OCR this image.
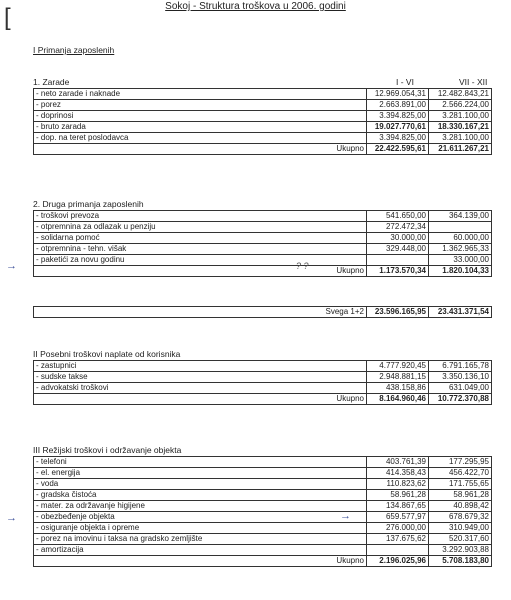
Sokoj - Struktura troškova u 2006. godini
[
I Primanja zaposlenih
1. Zarade	I - VI	VII - XII
- neto zarade i naknade	12.969.054,31	12.482.843,21
- porez	2.663.891,00	2.566.224,00
- doprinosi	3.394.825,00	3.281.100,00
- bruto zarada	19.027.770,61	18.330.167,21
- dop. na teret poslodavca	3.394.825,00	3.281.100,00
Ukupno	22.422.595,61	21.611.267,21
2. Druga primanja zaposlenih
- troškovi prevoza	541.650,00	364.139,00
- otpremnina za odlazak u penziju	272.472,34	
- solidarna pomoć	30.000,00	60.000,00
- otpremnina - tehn. višak	329.448,00	1.362.965,33
- paketići za novu godinu		33.000,00
Ukupno	1.173.570,34	1.820.104,33
Svega 1+2	23.596.165,95	23.431.371,54
→	? ?
II Posebni troškovi naplate od korisnika
- zastupnici	4.777.920,45	6.791.165,78
- sudske takse	2.948.881,15	3.350.136,10
- advokatski troškovi	438.158,86	631.049,00
Ukupno	8.164.960,46	10.772.370,88
III Režijski troškovi i održavanje objekta
- telefoni	403.761,39	177.295,95
- el. energija	414.358,43	456.422,70
- voda	110.823,62	171.755,65
- gradska čistoća	58.961,28	58.961,28
- mater. za održavanje higijene	134.867,65	40.898,42
- obezbeđenje objekta	659.577,97	678.679,32
- osiguranje objekta i opreme	276.000,00	310.949,00
- porez na imovinu i taksa na gradsko zemljište	137.675,62	520.317,60
- amortizacija		3.292.903,88
Ukupno	2.196.025,96	5.708.183,80
→	→
